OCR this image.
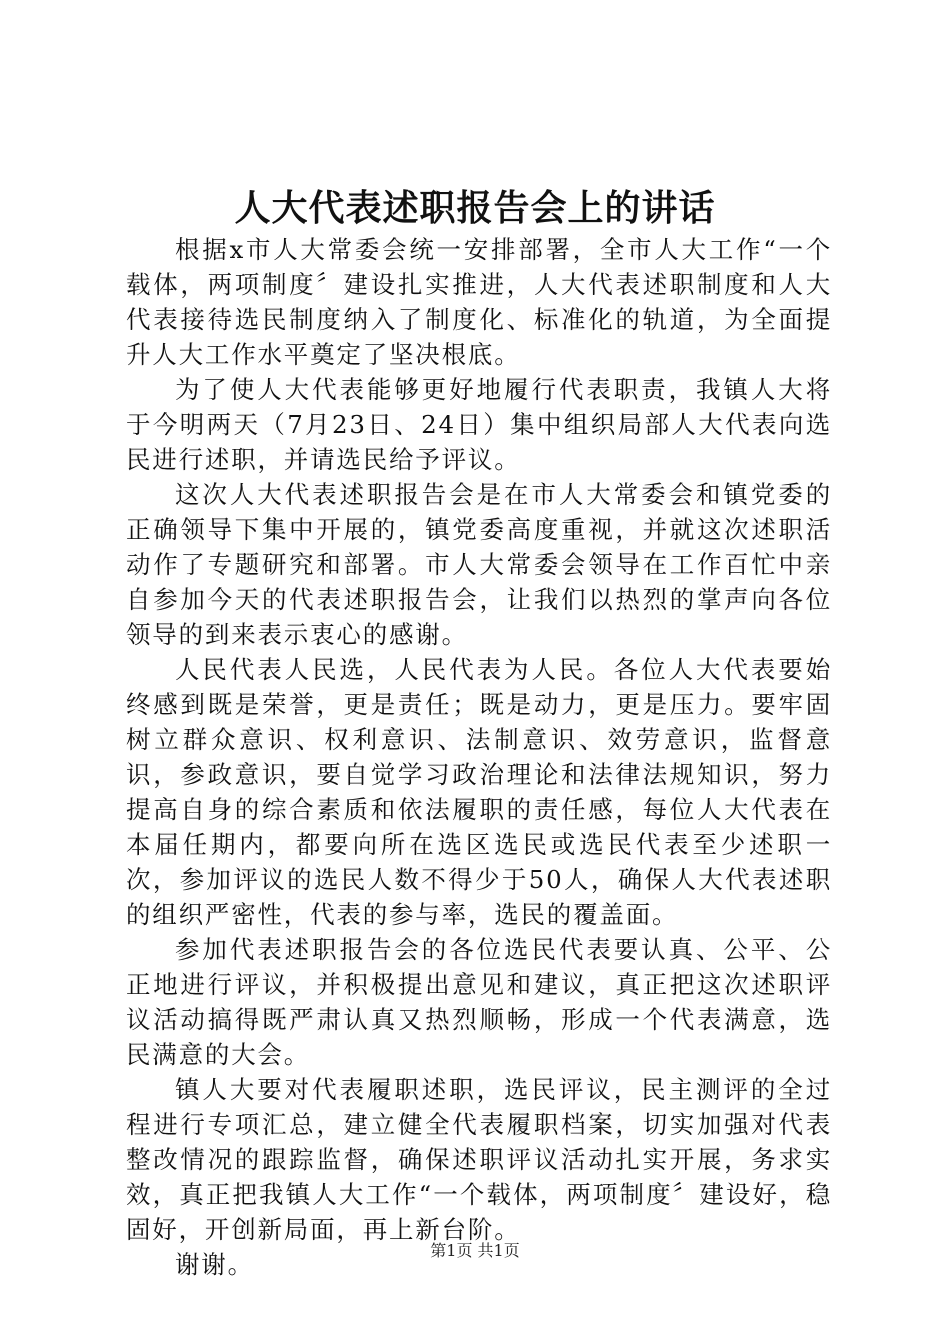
人大代表述职报告会上的讲话

根据x市人大常委会统一安排部署，全市人大工作“一个载体，两项制度〞建设扎实推进，人大代表述职制度和人大代表接待选民制度纳入了制度化、标准化的轨道，为全面提升人大工作水平奠定了坚决根底。

为了使人大代表能够更好地履行代表职责，我镇人大将于今明两天（7月23日、24日）集中组织局部人大代表向选民进行述职，并请选民给予评议。

这次人大代表述职报告会是在市人大常委会和镇党委的正确领导下集中开展的，镇党委高度重视，并就这次述职活动作了专题研究和部署。市人大常委会领导在工作百忙中亲自参加今天的代表述职报告会，让我们以热烈的掌声向各位领导的到来表示衷心的感谢。

人民代表人民选，人民代表为人民。各位人大代表要始终感到既是荣誉，更是责任；既是动力，更是压力。要牢固树立群众意识、权利意识、法制意识、效劳意识，监督意识，参政意识，要自觉学习政治理论和法律法规知识，努力提高自身的综合素质和依法履职的责任感，每位人大代表在本届任期内，都要向所在选区选民或选民代表至少述职一次，参加评议的选民人数不得少于50人，确保人大代表述职的组织严密性，代表的参与率，选民的覆盖面。

参加代表述职报告会的各位选民代表要认真、公平、公正地进行评议，并积极提出意见和建议，真正把这次述职评议活动搞得既严肃认真又热烈顺畅，形成一个代表满意，选民满意的大会。

镇人大要对代表履职述职，选民评议，民主测评的全过程进行专项汇总，建立健全代表履职档案，切实加强对代表整改情况的跟踪监督，确保述职评议活动扎实开展，务求实效，真正把我镇人大工作“一个载体，两项制度〞建设好，稳固好，开创新局面，再上新台阶。

谢谢。	第1页 共1页
